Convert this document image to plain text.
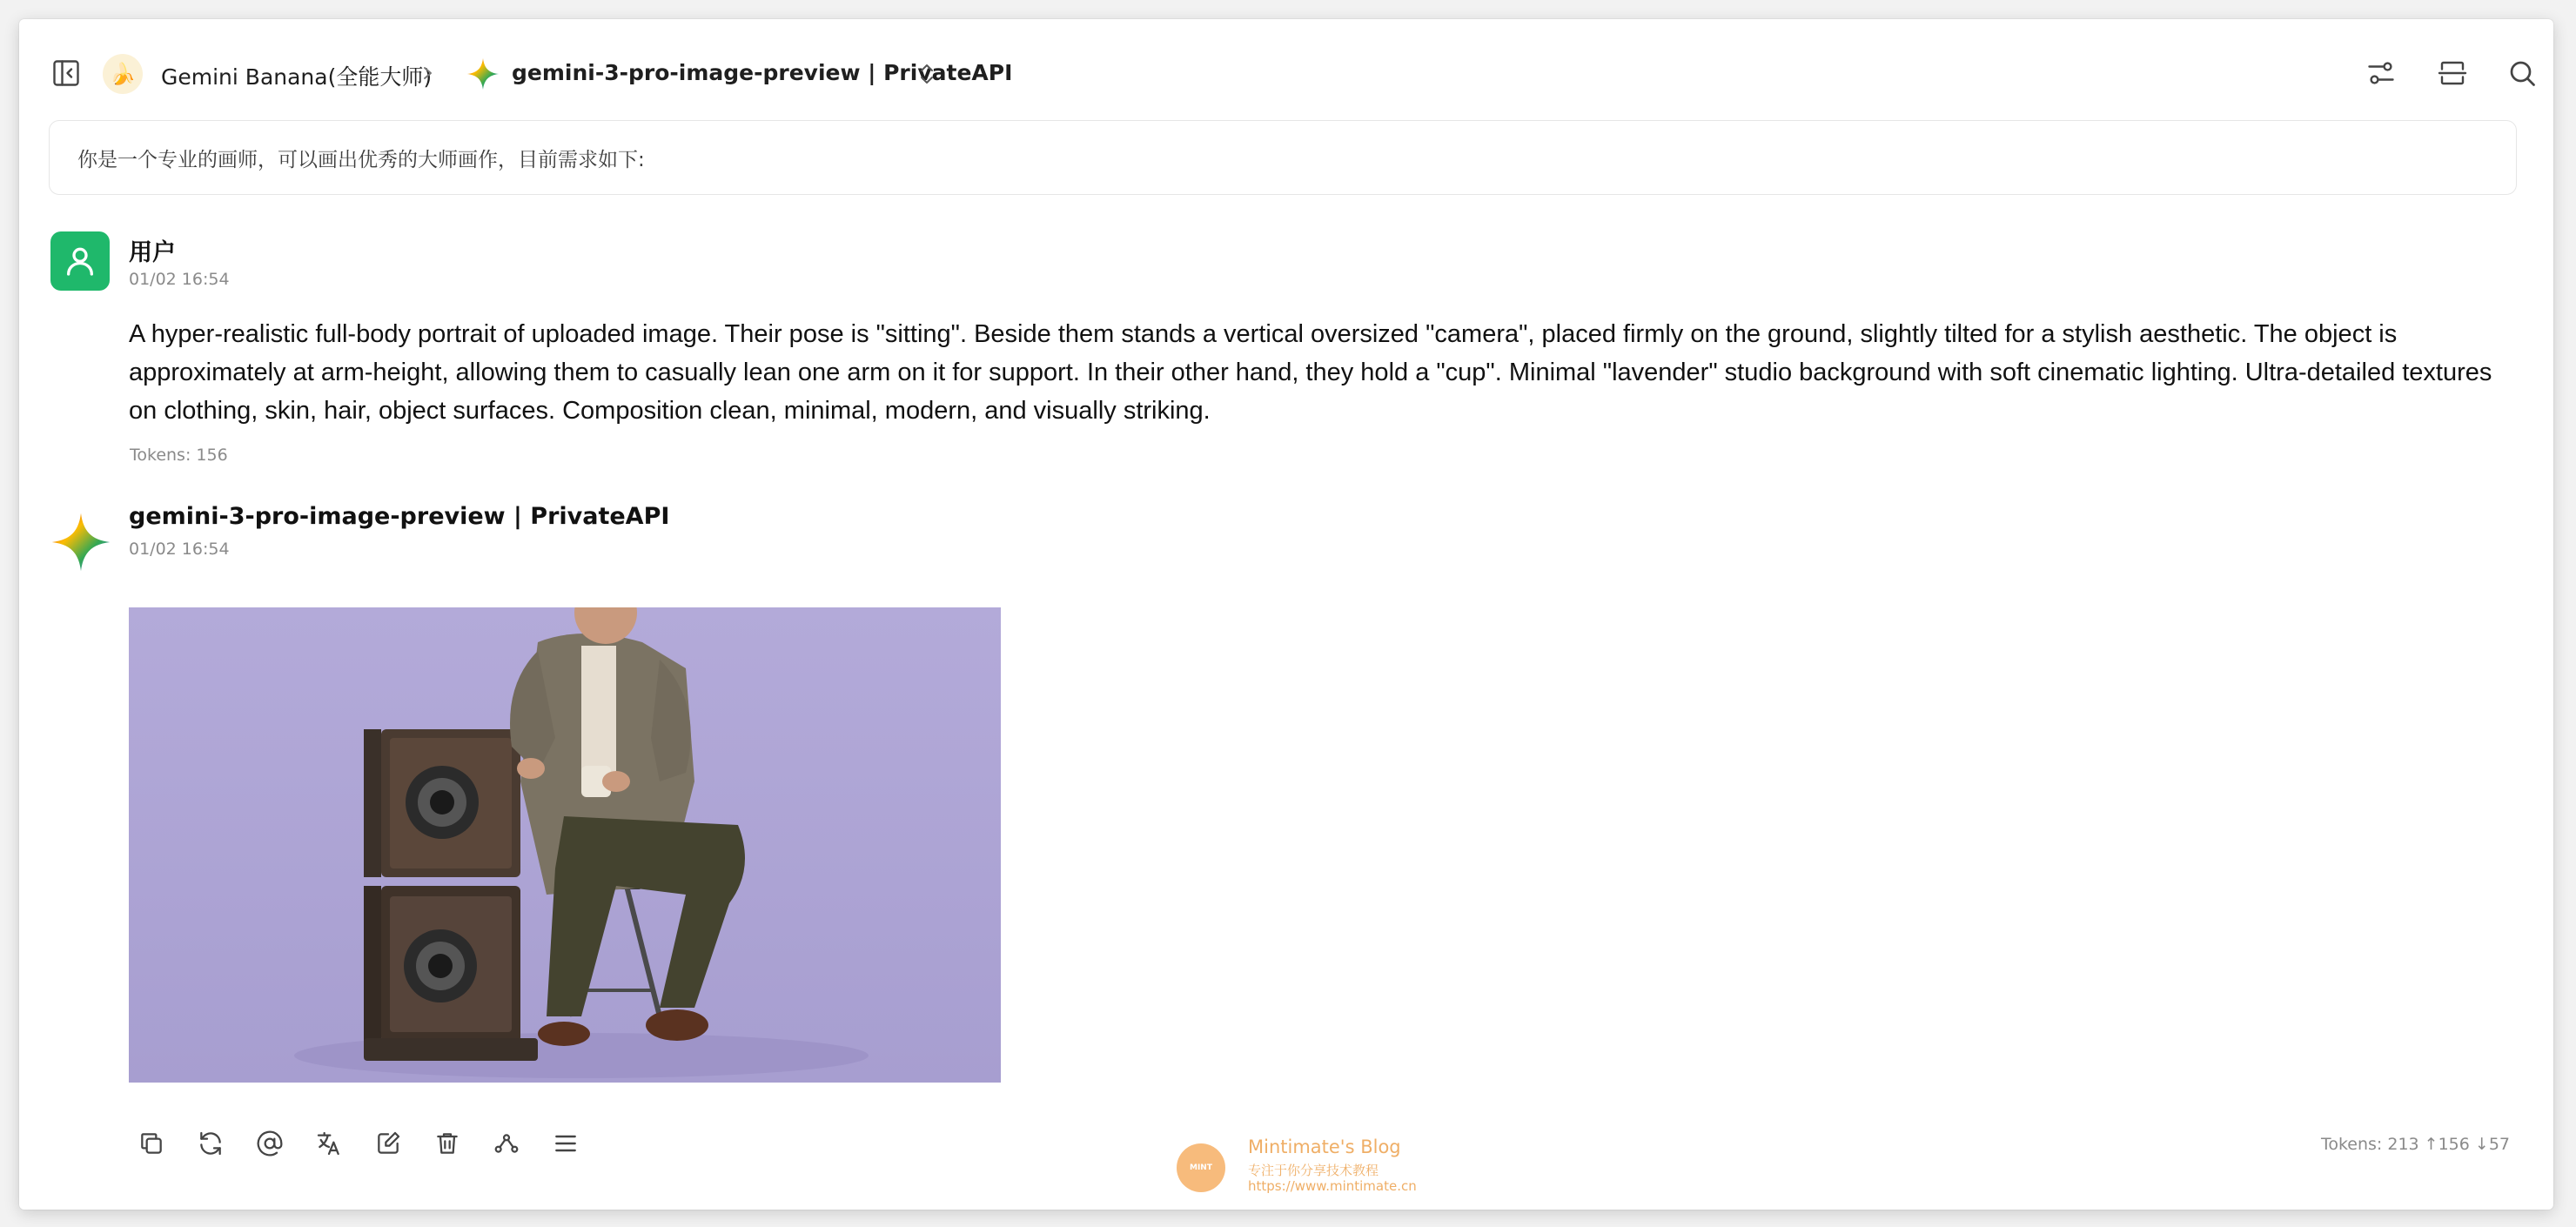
🍌	Gemini Banana(全能大师)	gemini-3-pro-image-preview | PrivateAPI
你是一个专业的画师，可以画出优秀的大师画作，目前需求如下:
用户
01/02 16:54
A hyper-realistic full-body portrait of uploaded image. Their pose is "sitting". Beside them stands a vertical oversized "camera", placed firmly on the ground, slightly tilted for a stylish aesthetic. The object is approximately at arm-height, allowing them to casually lean one arm on it for support. In their other hand, they hold a "cup". Minimal "lavender" studio background with soft cinematic lighting. Ultra-detailed textures on clothing, skin, hair, object surfaces. Composition clean, minimal, modern, and visually striking.
Tokens: 156
gemini-3-pro-image-preview | PrivateAPI
01/02 16:54
MINT
Mintimate's Blog
专注于你分享技术教程
https://www.mintimate.cn
Tokens: 213 ↑156 ↓57
